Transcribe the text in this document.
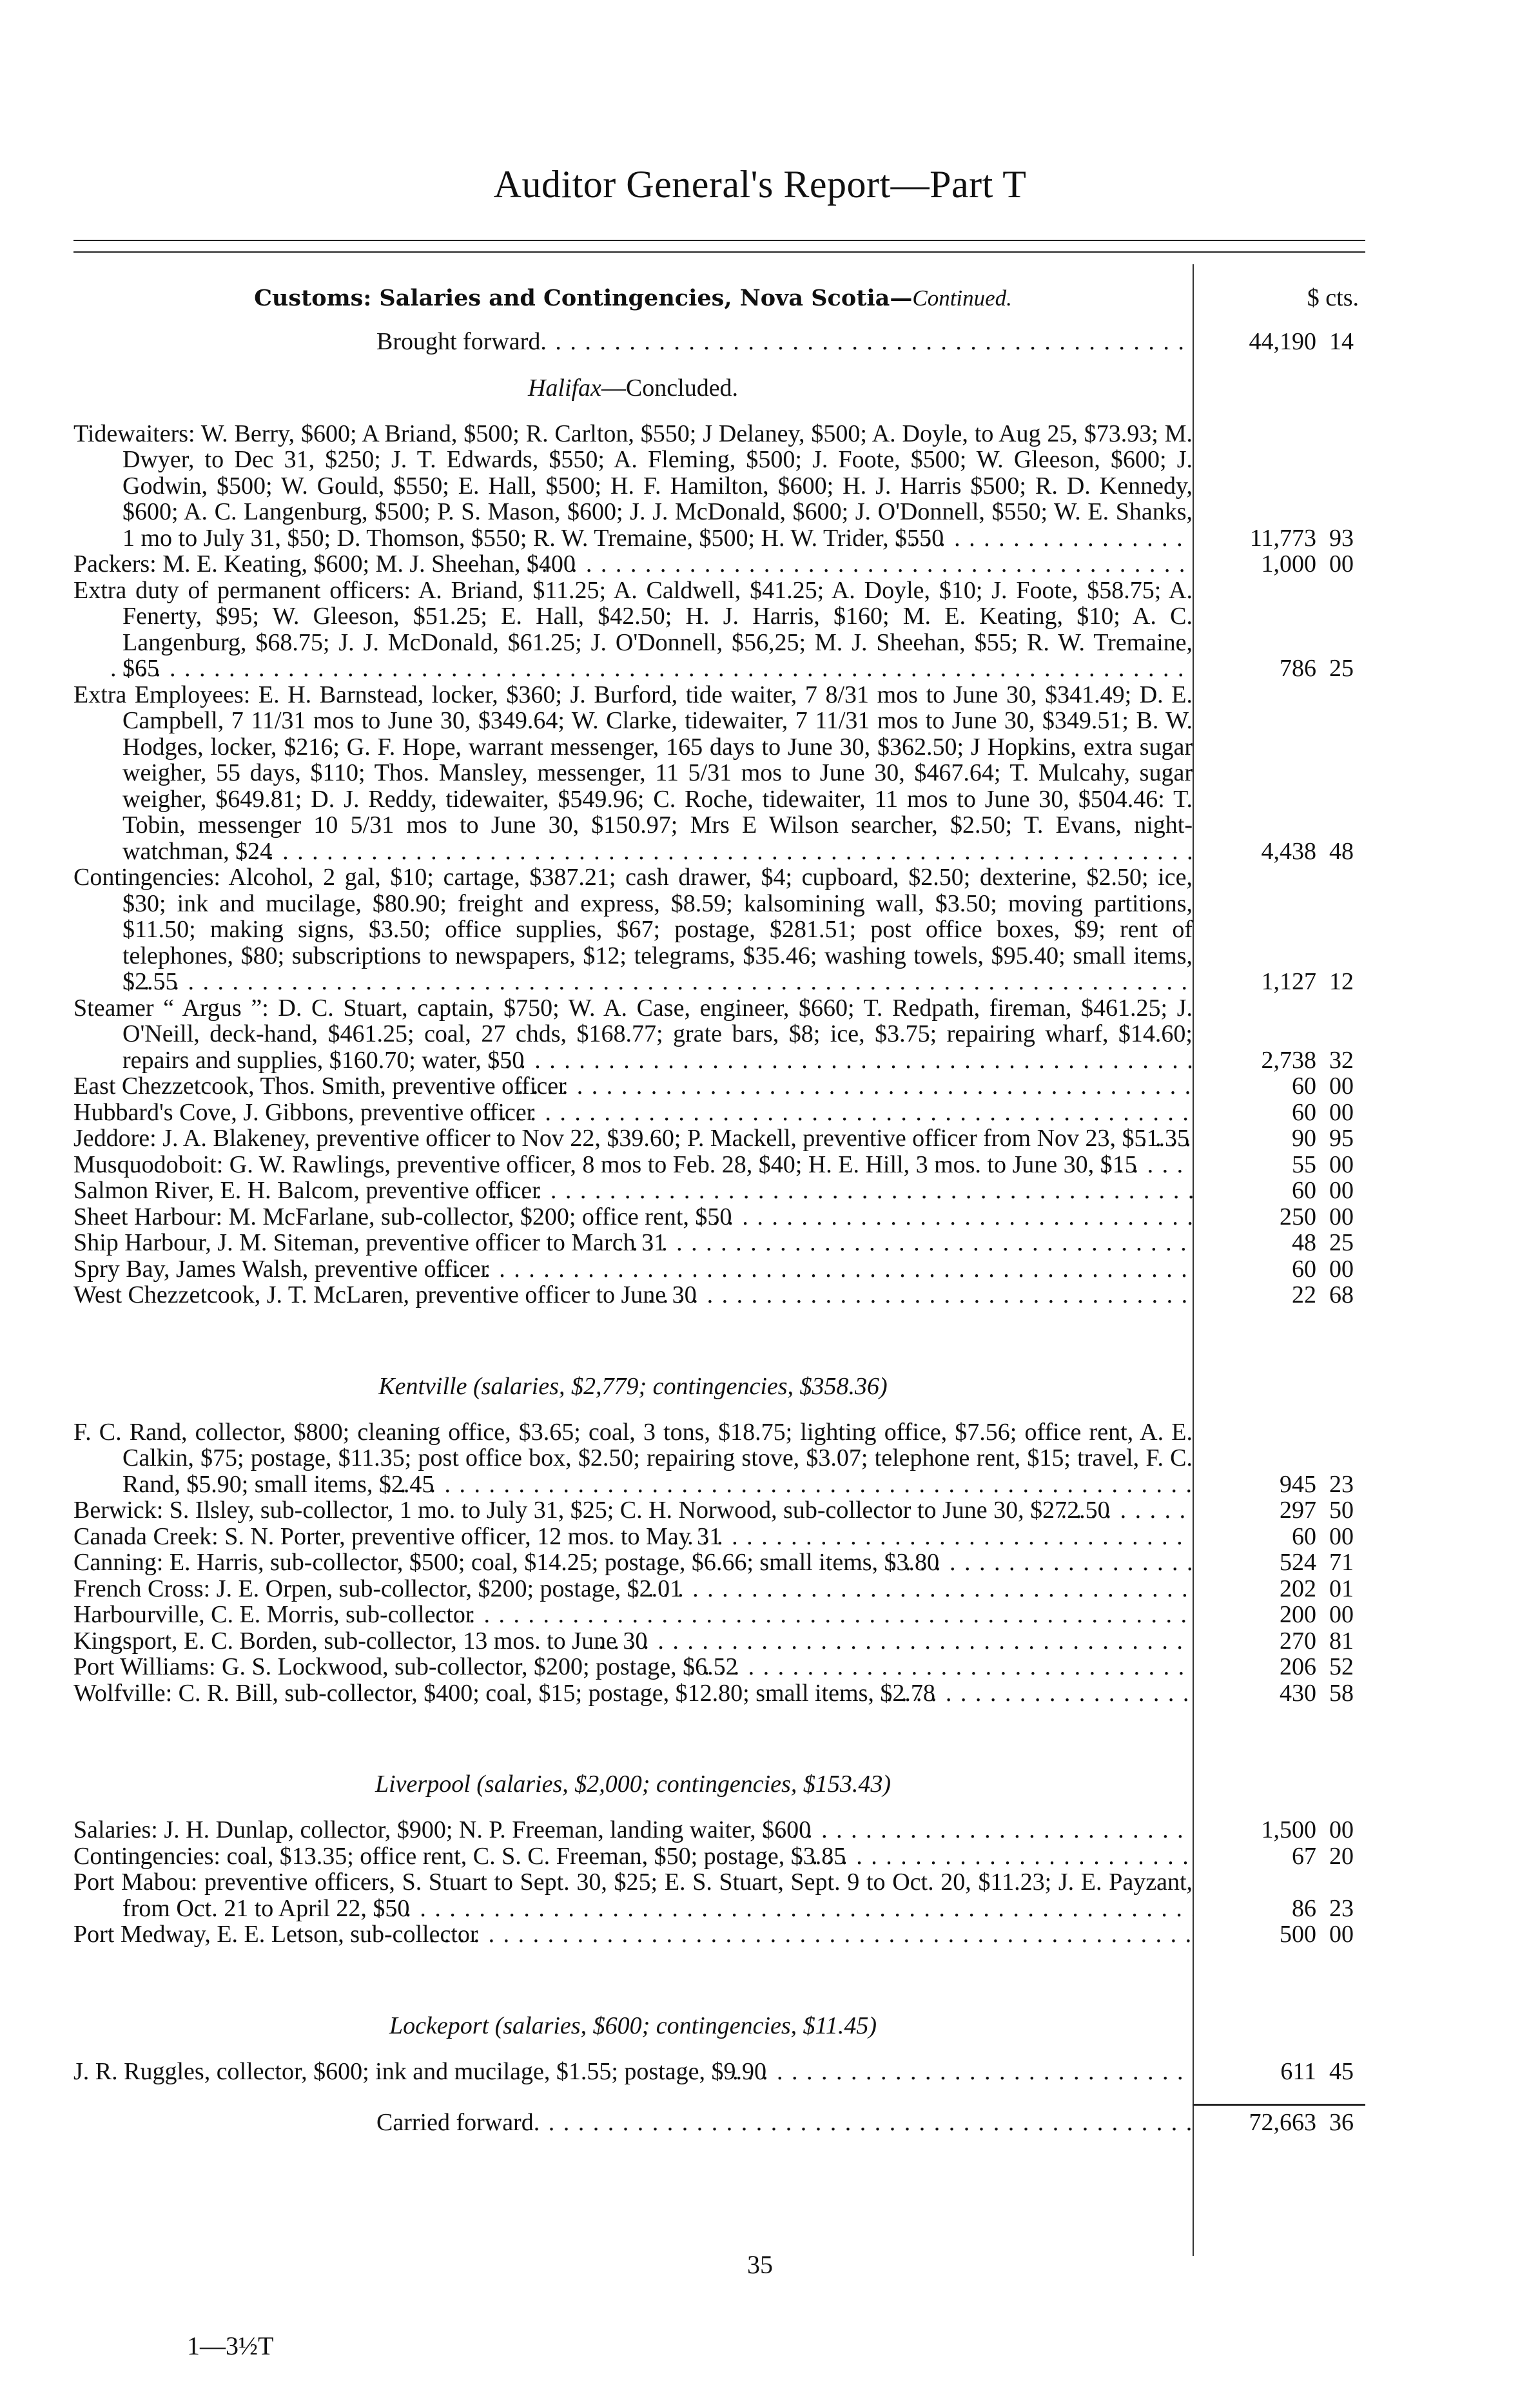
Auditor General's Report—Part T
Customs: Salaries and Contingencies, Nova Scotia—Continued.	$ cts.
Brought forward . . .	44,190 14
Halifax—Concluded.
Tidewaiters: W. Berry, $600; A Briand, $500; R. Carlton, $550; J Delaney, $500; A. Doyle, to Aug 25, $73.93; M. Dwyer, to Dec 31, $250; J. T. Edwards, $550; A. Fleming, $500; J. Foote, $500; W. Gleeson, $600; J. Godwin, $500; W. Gould, $550; E. Hall, $500; H. F. Hamilton, $600; H. J. Harris $500; R. D. Kennedy, $600; A. C. Langenburg, $500; P. S. Mason, $600; J. J. McDonald, $600; J. O'Donnell, $550; W. E. Shanks, 1 mo to July 31, $50; D. Thomson, $550; R. W. Tremaine, $500; H. W. Trider, $550 . . .	11,773 93
Packers: M. E. Keating, $600; M. J. Sheehan, $400 . . .	1,000 00
Extra duty of permanent officers: A. Briand, $11.25; A. Caldwell, $41.25; A. Doyle, $10; J. Foote, $58.75; A. Fenerty, $95; W. Gleeson, $51.25; E. Hall, $42.50; H. J. Harris, $160; M. E. Keating, $10; A. C. Langenburg, $68.75; J. J. McDonald, $61.25; J. O'Donnell, $56,25; M. J. Sheehan, $55; R. W. Tremaine, $65 . . .	786 25
Extra Employees: E. H. Barnstead, locker, $360; J. Burford, tide waiter, 7 8/31 mos to June 30, $341.49; D. E. Campbell, 7 11/31 mos to June 30, $349.64; W. Clarke, tidewaiter, 7 11/31 mos to June 30, $349.51; B. W. Hodges, locker, $216; G. F. Hope, warrant messenger, 165 days to June 30, $362.50; J Hopkins, extra sugar weigher, 55 days, $110; Thos. Mansley, messenger, 11 5/31 mos to June 30, $467.64; T. Mulcahy, sugar weigher, $649.81; D. J. Reddy, tidewaiter, $549.96; C. Roche, tidewaiter, 11 mos to June 30, $504.46: T. Tobin, messenger 10 5/31 mos to June 30, $150.97; Mrs E Wilson searcher, $2.50; T. Evans, night-watchman, $24 . . .	4,438 48
Contingencies: Alcohol, 2 gal, $10; cartage, $387.21; cash drawer, $4; cupboard, $2.50; dexterine, $2.50; ice, $30; ink and mucilage, $80.90; freight and express, $8.59; kalsomining wall, $3.50; moving partitions, $11.50; making signs, $3.50; office supplies, $67; postage, $281.51; post office boxes, $9; rent of telephones, $80; subscriptions to newspapers, $12; telegrams, $35.46; washing towels, $95.40; small items, $2.55 . . .	1,127 12
Steamer “ Argus ”: D. C. Stuart, captain, $750; W. A. Case, engineer, $660; T. Redpath, fireman, $461.25; J. O'Neill, deck-hand, $461.25; coal, 27 chds, $168.77; grate bars, $8; ice, $3.75; repairing wharf, $14.60; repairs and supplies, $160.70; water, $50 . . .	2,738 32
East Chezzetcook, Thos. Smith, preventive officer . . .	60 00
Hubbard's Cove, J. Gibbons, preventive officer . . .	60 00
Jeddore: J. A. Blakeney, preventive officer to Nov 22, $39.60; P. Mackell, preventive officer from Nov 23, $51.35 . . .	90 95
Musquodoboit: G. W. Rawlings, preventive officer, 8 mos to Feb. 28, $40; H. E. Hill, 3 mos. to June 30, $15 . . .	55 00
Salmon River, E. H. Balcom, preventive officer . . .	60 00
Sheet Harbour: M. McFarlane, sub-collector, $200; office rent, $50 . . .	250 00
Ship Harbour, J. M. Siteman, preventive officer to March 31 . . .	48 25
Spry Bay, James Walsh, preventive officer . . .	60 00
West Chezzetcook, J. T. McLaren, preventive officer to June 30 . . .	22 68
Kentville (salaries, $2,779; contingencies, $358.36)
F. C. Rand, collector, $800; cleaning office, $3.65; coal, 3 tons, $18.75; lighting office, $7.56; office rent, A. E. Calkin, $75; postage, $11.35; post office box, $2.50; repairing stove, $3.07; telephone rent, $15; travel, F. C. Rand, $5.90; small items, $2.45 . . .	945 23
Berwick: S. Ilsley, sub-collector, 1 mo. to July 31, $25; C. H. Norwood, sub-collector to June 30, $272.50 . . .	297 50
Canada Creek: S. N. Porter, preventive officer, 12 mos. to May 31 . . .	60 00
Canning: E. Harris, sub-collector, $500; coal, $14.25; postage, $6.66; small items, $3.80 . . .	524 71
French Cross: J. E. Orpen, sub-collector, $200; postage, $2.01 . . .	202 01
Harbourville, C. E. Morris, sub-collector . . .	200 00
Kingsport, E. C. Borden, sub-collector, 13 mos. to June 30 . . .	270 81
Port Williams: G. S. Lockwood, sub-collector, $200; postage, $6.52 . . .	206 52
Wolfville: C. R. Bill, sub-collector, $400; coal, $15; postage, $12.80; small items, $2.78 . . .	430 58
Liverpool (salaries, $2,000; contingencies, $153.43)
Salaries: J. H. Dunlap, collector, $900; N. P. Freeman, landing waiter, $600 . . .	1,500 00
Contingencies: coal, $13.35; office rent, C. S. C. Freeman, $50; postage, $3.85 . . .	67 20
Port Mabou: preventive officers, S. Stuart to Sept. 30, $25; E. S. Stuart, Sept. 9 to Oct. 20, $11.23; J. E. Payzant, from Oct. 21 to April 22, $50 . . .	86 23
Port Medway, E. E. Letson, sub-collector . . .	500 00
Lockeport (salaries, $600; contingencies, $11.45)
J. R. Ruggles, collector, $600; ink and mucilage, $1.55; postage, $9.90 . . .	611 45
Carried forward . . .	72,663 36
35
1—3½T
